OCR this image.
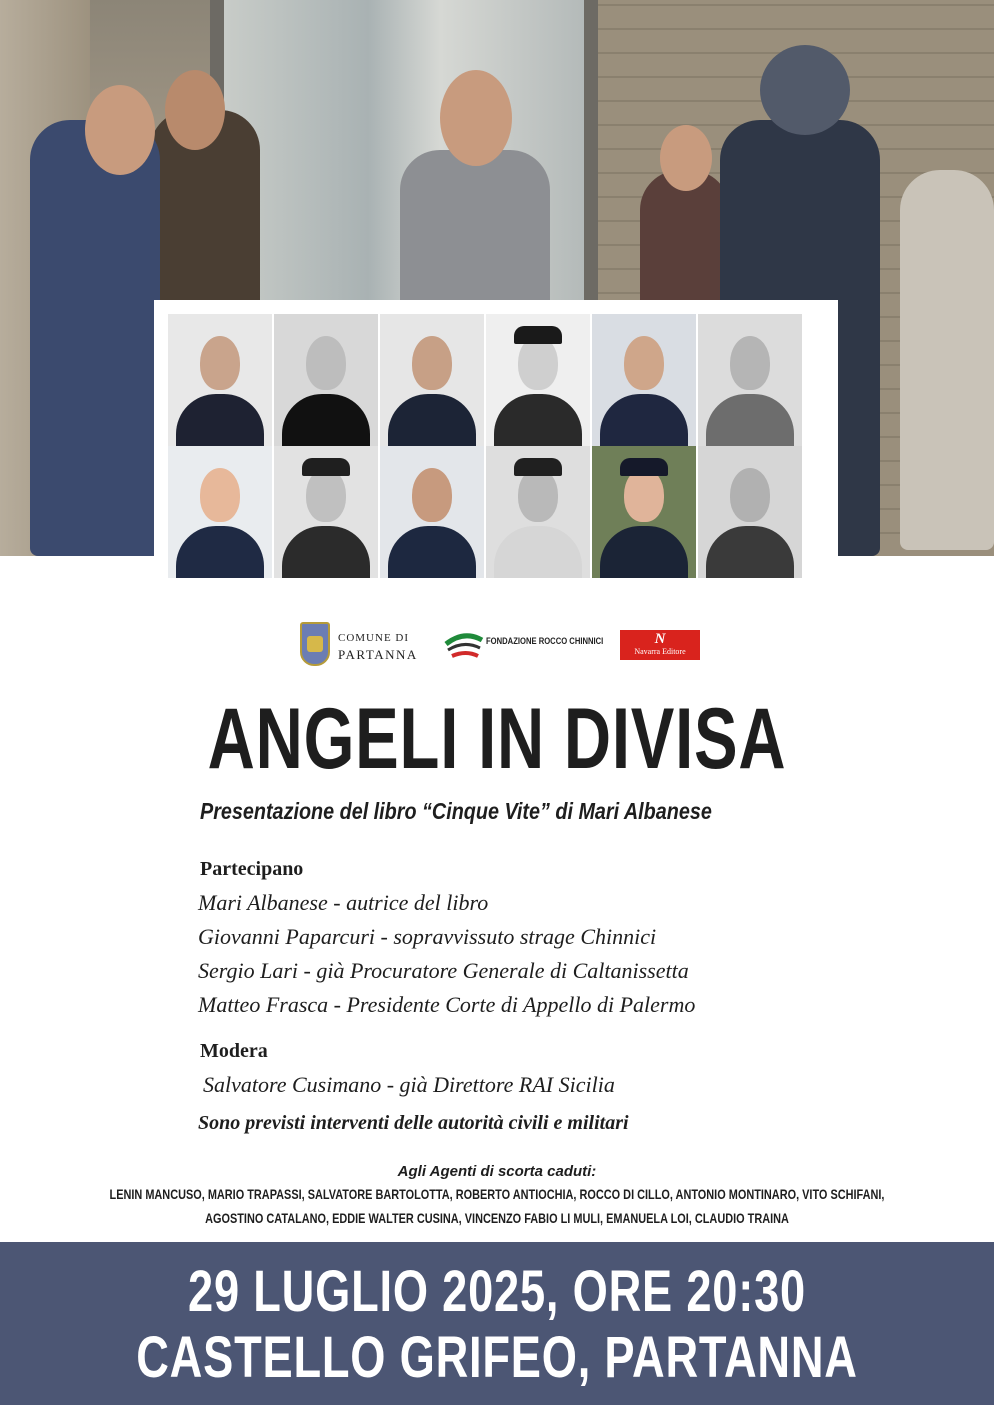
COMUNE DI
PARTANNA
FONDAZIONE ROCCO CHINNICI	N
Navarra Editore
ANGELI IN DIVISA
Presentazione del libro “Cinque Vite” di Mari Albanese
Partecipano
Mari Albanese - autrice del libro
Giovanni Paparcuri - sopravvissuto strage Chinnici
Sergio Lari - già Procuratore Generale di Caltanissetta
Matteo Frasca - Presidente Corte di Appello di Palermo
Modera
Salvatore Cusimano - già Direttore RAI Sicilia
Sono previsti interventi delle autorità civili e militari
Agli Agenti di scorta caduti:
LENIN MANCUSO, MARIO TRAPASSI, SALVATORE BARTOLOTTA, ROBERTO ANTIOCHIA, ROCCO DI CILLO, ANTONIO MONTINARO, VITO SCHIFANI,
AGOSTINO CATALANO, EDDIE WALTER CUSINA, VINCENZO FABIO LI MULI, EMANUELA LOI, CLAUDIO TRAINA
29 LUGLIO 2025, ORE 20:30
CASTELLO GRIFEO, PARTANNA
